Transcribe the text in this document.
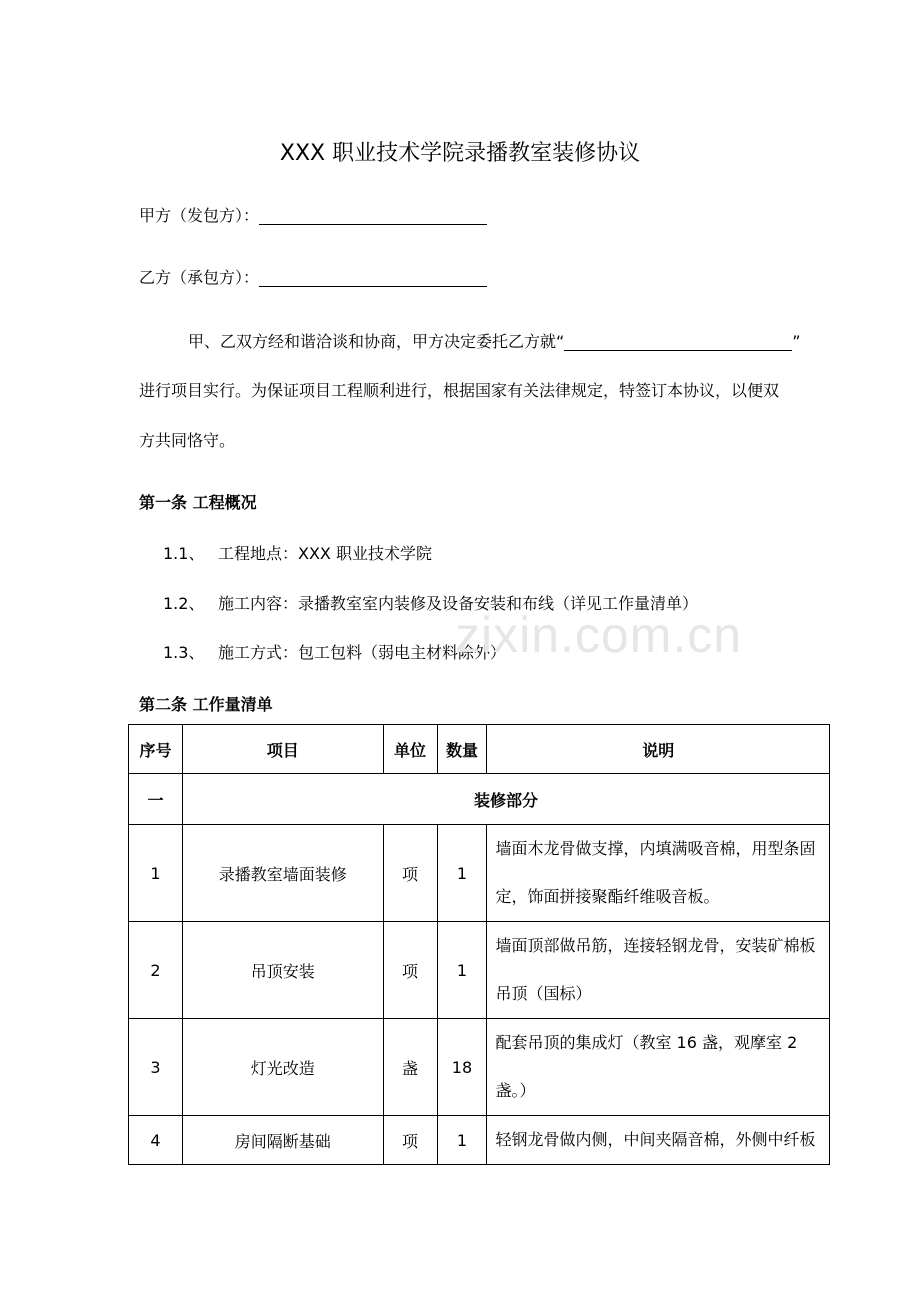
XXX 职业技术学院录播教室装修协议
甲方（发包方）：
乙方（承包方）：
甲、乙双方经和谐洽谈和协商，甲方决定委托乙方就“	”
进行项目实行。为保证项目工程顺利进行，根据国家有关法律规定，特签订本协议，以便双
方共同恪守。
第一条 工程概况
1.1、 工程地点：XXX 职业技术学院
1.2、 施工内容：录播教室室内装修及设备安装和布线（详见工作量清单）
1.3、 施工方式：包工包料（弱电主材料除外）
zixin.com.cn
第二条 工作量清单
序号	项目	单位	数量	说明
一	装修部分			
1	录播教室墙面装修	项	1	墙面木龙骨做支撑，内填满吸音棉，用型条固
定，饰面拼接聚酯纤维吸音板。

2	吊顶安装	项	1	墙面顶部做吊筋，连接轻钢龙骨，安装矿棉板
吊顶（国标）

3	灯光改造	盏	18	配套吊顶的集成灯（教室 16 盏，观摩室 2
盏。）

4	房间隔断基础	项	1	轻钢龙骨做内侧，中间夹隔音棉，外侧中纤板
